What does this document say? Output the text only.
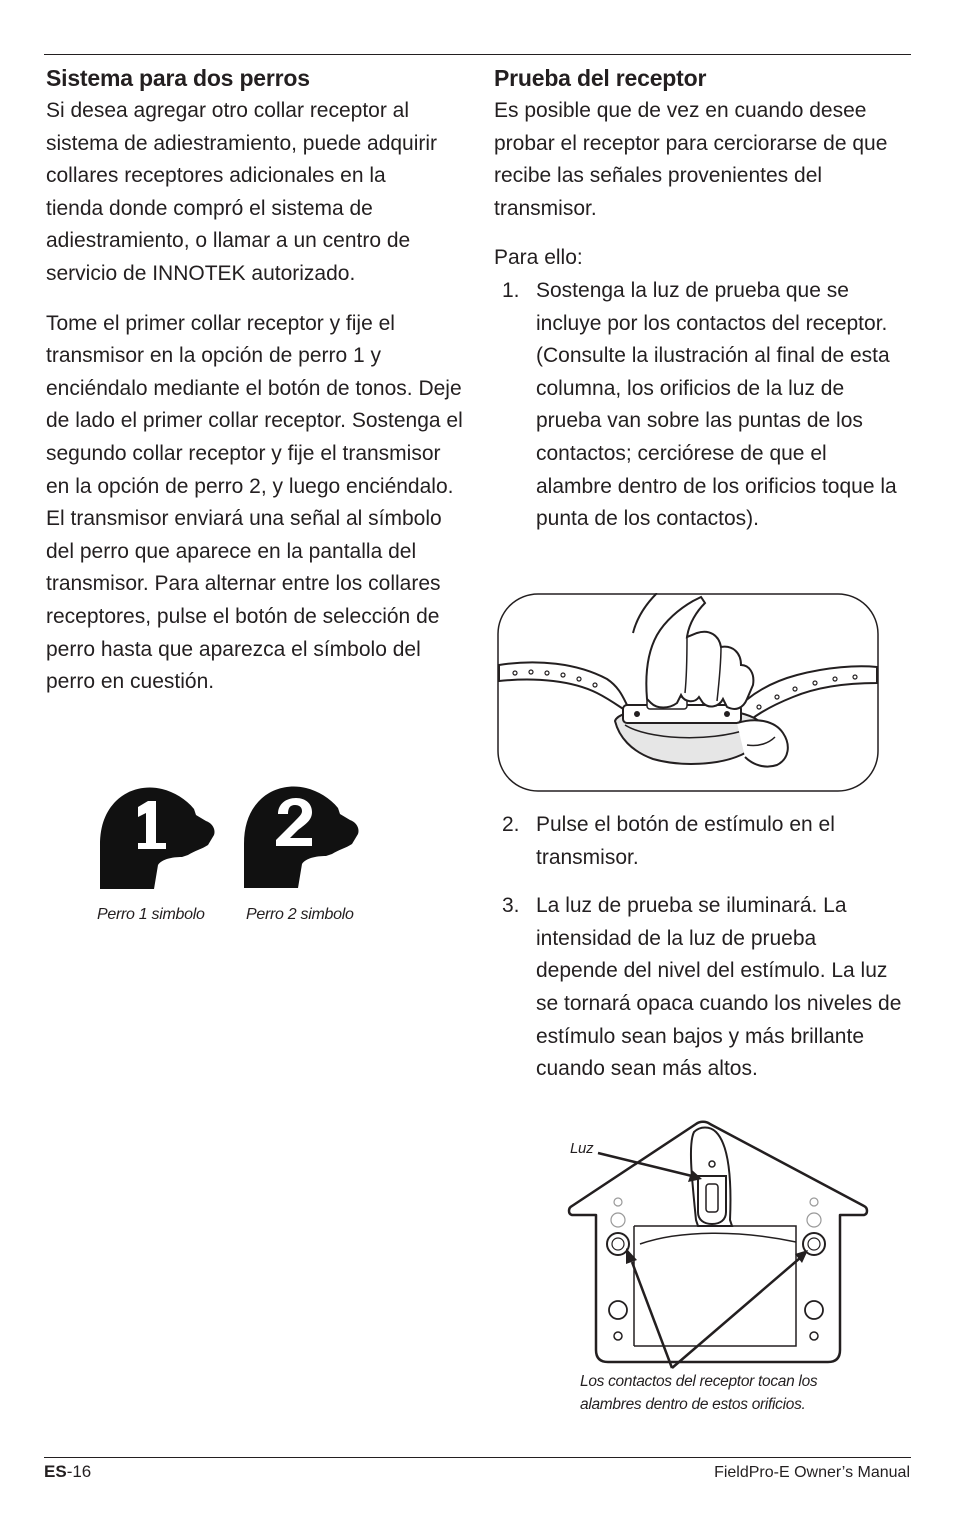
Sistema para dos perros

Si desea agregar otro collar receptor al sistema de adiestramiento, puede adquirir collares receptores adicionales en la tienda donde compró el sistema de adiestramiento, o llamar a un centro de servicio de INNOTEK autorizado.

Tome el primer collar receptor y fije el transmisor en la opción de perro 1 y enciéndalo mediante el botón de tonos. Deje de lado el primer collar receptor. Sostenga el segundo collar receptor y fije el transmisor en la opción de perro 2, y luego enciéndalo. El transmisor enviará una señal al símbolo del perro que aparece en la pantalla del transmisor. Para alternar entre los collares receptores, pulse el botón de selección de perro hasta que aparezca el símbolo del perro en cuestión.

Perro 1 simbolo	Perro 2 simbolo
Prueba del receptor

Es posible que de vez en cuando desee probar el receptor para cerciorarse de que recibe las señales provenientes del transmisor.

Para ello:

1. Sostenga la luz de prueba que se incluye por los contactos del receptor. (Consulte la ilustración al final de esta columna, los orificios de la luz de prueba van sobre las puntas de los contactos; cerciórese de que el alambre dentro de los orificios toque la punta de los contactos).
2. Pulse el botón de estímulo en el transmisor.
3. La luz de prueba se iluminará. La intensidad de la luz de prueba depende del nivel del estímulo. La luz se tornará opaca cuando los niveles de estímulo sean bajos y más brillante cuando sean más altos.
Luz
Los contactos del receptor tocan los
alambres dentro de estos orificios.
ES-16	FieldPro-E Owner’s Manual
